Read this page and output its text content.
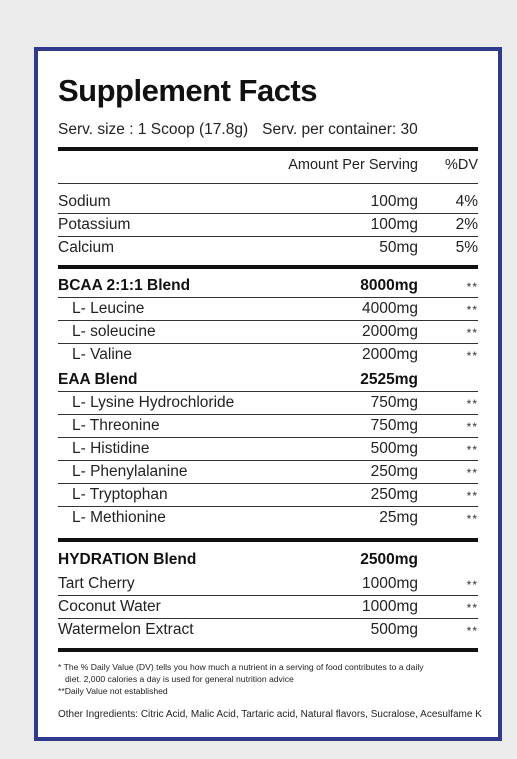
Supplement Facts
Serv. size : 1 Scoop (17.8g) Serv. per container: 30
Amount Per Serving %DV
Sodium	100mg	4%
Potassium	100mg	2%
Calcium	50mg	5%
BCAA 2:1:1 Blend	8000mg	**
L- Leucine	4000mg	**
L- soleucine	2000mg	**
L- Valine	2000mg	**
EAA Blend	2525mg
L- Lysine Hydrochloride	750mg	**
L- Threonine	750mg	**
L- Histidine	500mg	**
L- Phenylalanine	250mg	**
L- Tryptophan	250mg	**
L- Methionine	25mg	**
HYDRATION Blend	2500mg
Tart Cherry	1000mg	**
Coconut Water	1000mg	**
Watermelon Extract	500mg	**
* The % Daily Value (DV) tells you how much a nutrient in a serving of food contributes to a daily
diet. 2,000 calories a day is used for general nutrition advice
**Daily Value not established
Other Ingredients: Citric Acid, Malic Acid, Tartaric acid, Natural flavors, Sucralose, Acesulfame K
